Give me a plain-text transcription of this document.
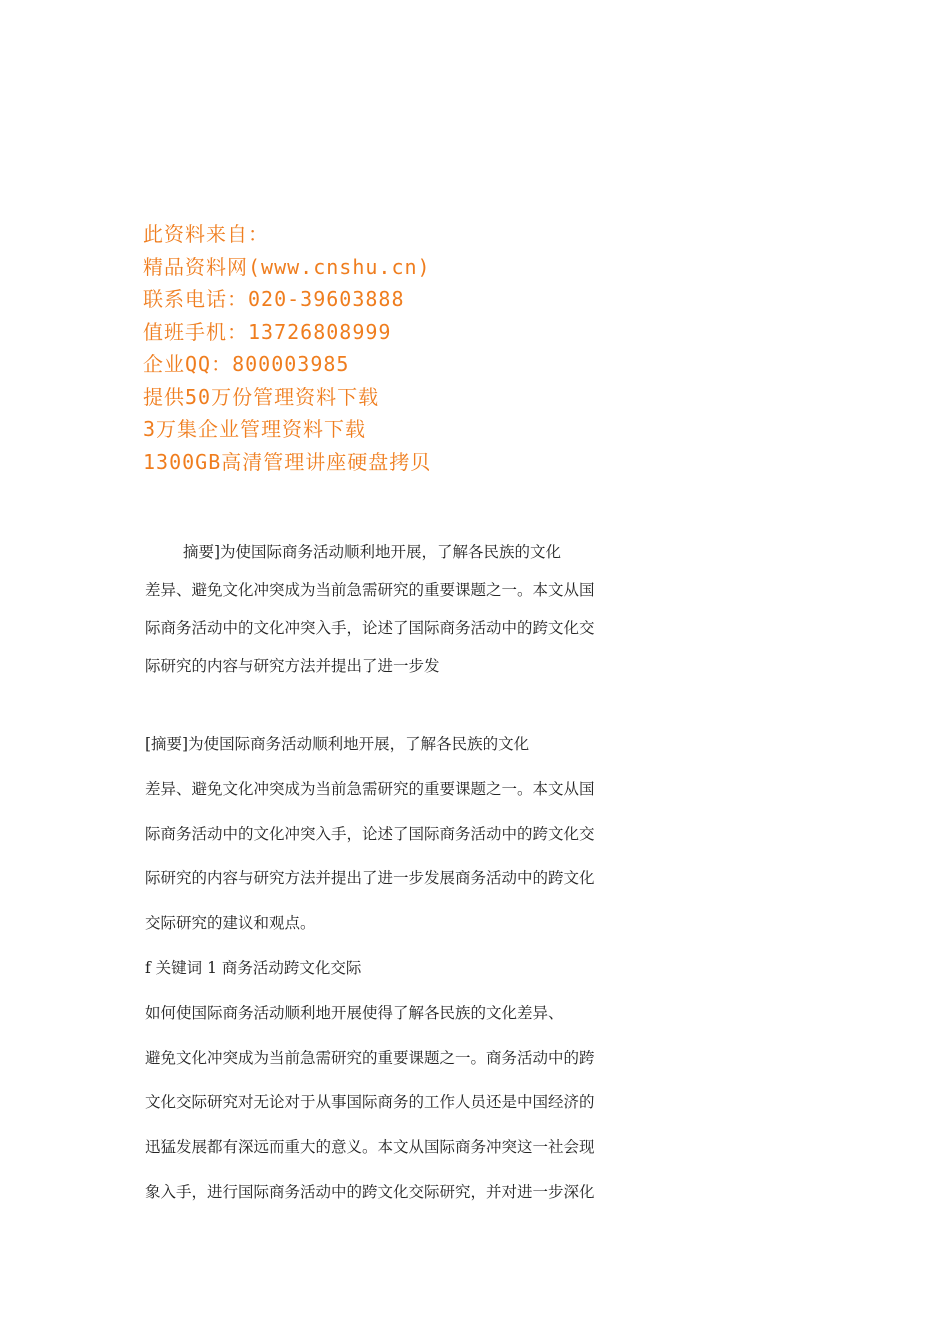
此资料来自：
精品资料网(www.cnshu.cn)
联系电话：020-39603888
值班手机：13726808999
企业QQ：800003985
提供50万份管理资料下载
3万集企业管理资料下载
1300GB高清管理讲座硬盘拷贝
摘要]为使国际商务活动顺利地开展，了解各民族的文化
差异、避免文化冲突成为当前急需研究的重要课题之一。本文从国
际商务活动中的文化冲突入手，论述了国际商务活动中的跨文化交
际研究的内容与研究方法并提出了进一步发
[摘要]为使国际商务活动顺利地开展，了解各民族的文化
差异、避免文化冲突成为当前急需研究的重要课题之一。本文从国
际商务活动中的文化冲突入手，论述了国际商务活动中的跨文化交
际研究的内容与研究方法并提出了进一步发展商务活动中的跨文化
交际研究的建议和观点。
f 关键词 1 商务活动跨文化交际
如何使国际商务活动顺利地开展使得了解各民族的文化差异、
避免文化冲突成为当前急需研究的重要课题之一。商务活动中的跨
文化交际研究对无论对于从事国际商务的工作人员还是中国经济的
迅猛发展都有深远而重大的意义。本文从国际商务冲突这一社会现
象入手，进行国际商务活动中的跨文化交际研究，并对进一步深化
